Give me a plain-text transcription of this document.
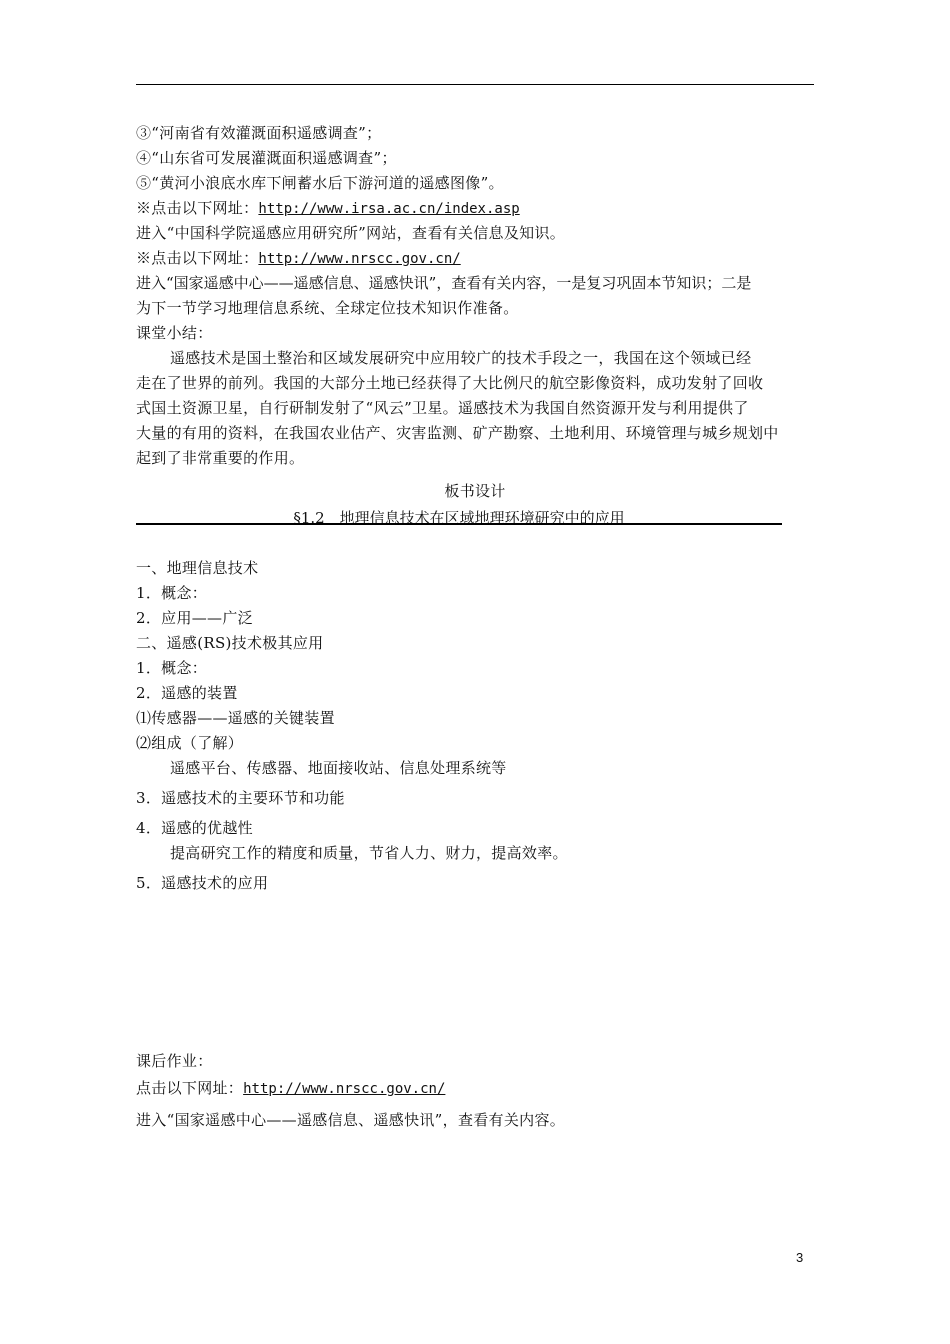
③“河南省有效灌溉面积遥感调查”；
④“山东省可发展灌溉面积遥感调查”；
⑤“黄河小浪底水库下闸蓄水后下游河道的遥感图像”。
※点击以下网址：http://www.irsa.ac.cn/index.asp
进入“中国科学院遥感应用研究所”网站，查看有关信息及知识。
※点击以下网址：http://www.nrscc.gov.cn/
进入“国家遥感中心——遥感信息、遥感快讯”，查看有关内容，一是复习巩固本节知识；二是
为下一节学习地理信息系统、全球定位技术知识作准备。
课堂小结：
遥感技术是国土整治和区域发展研究中应用较广的技术手段之一，我国在这个领域已经
走在了世界的前列。我国的大部分土地已经获得了大比例尺的航空影像资料，成功发射了回收
式国土资源卫星，自行研制发射了“风云”卫星。遥感技术为我国自然资源开发与利用提供了
大量的有用的资料，在我国农业估产、灾害监测、矿产勘察、土地利用、环境管理与城乡规划中
起到了非常重要的作用。
板书设计
§1.2　地理信息技术在区域地理环境研究中的应用
一、地理信息技术
1．概念：
2．应用——广泛
二、遥感(RS)技术极其应用
1．概念：
2．遥感的装置
⑴传感器——遥感的关键装置
⑵组成（了解）
遥感平台、传感器、地面接收站、信息处理系统等
3．遥感技术的主要环节和功能
4．遥感的优越性
提高研究工作的精度和质量，节省人力、财力，提高效率。
5．遥感技术的应用
课后作业：
点击以下网址：http://www.nrscc.gov.cn/
进入“国家遥感中心——遥感信息、遥感快讯”，查看有关内容。
3
